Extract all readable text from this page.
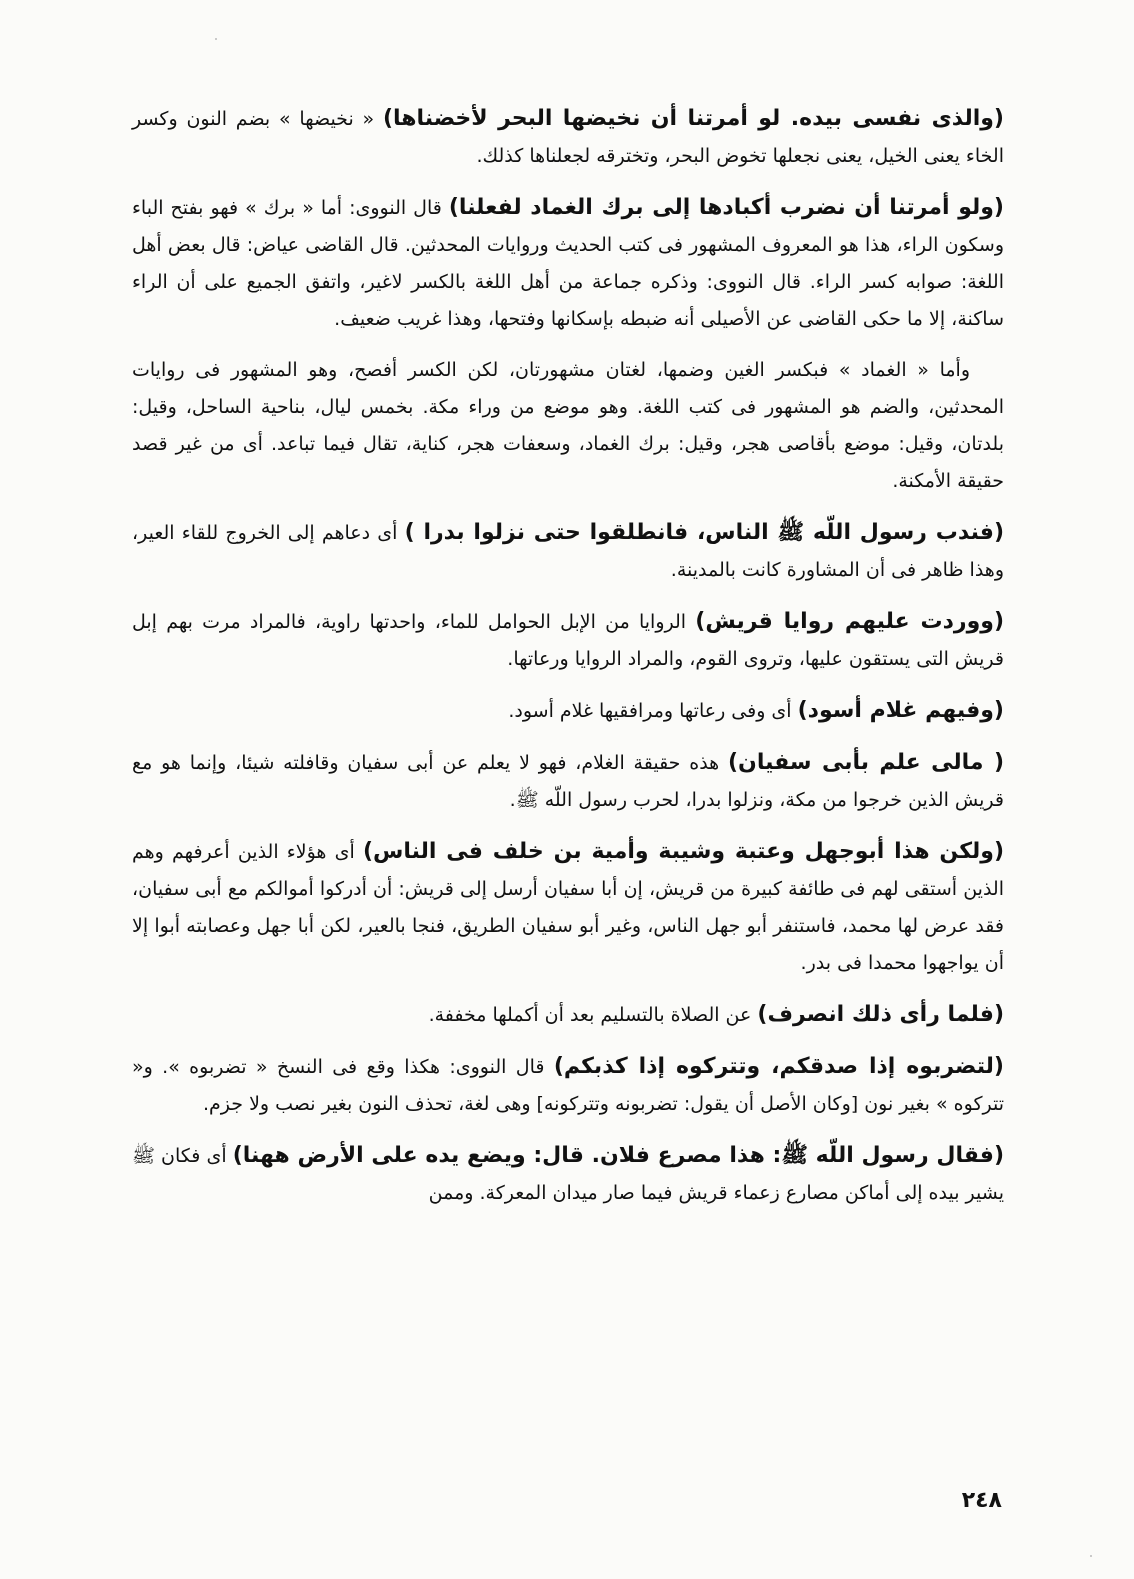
(والذى نفسى بيده. لو أمرتنا أن نخيضها البحر لأخضناها) « نخيضها » بضم النون وكسر الخاء يعنى الخيل، يعنى نجعلها تخوض البحر، وتخترقه لجعلناها كذلك.

(ولو أمرتنا أن نضرب أكبادها إلى برك الغماد لفعلنا) قال النووى: أما « برك » فهو بفتح الباء وسكون الراء، هذا هو المعروف المشهور فى كتب الحديث وروايات المحدثين. قال القاضى عياض: قال بعض أهل اللغة: صوابه كسر الراء. قال النووى: وذكره جماعة من أهل اللغة بالكسر لاغير، واتفق الجميع على أن الراء ساكنة، إلا ما حكى القاضى عن الأصيلى أنه ضبطه بإسكانها وفتحها، وهذا غريب ضعيف.

وأما « الغماد » فبكسر الغين وضمها، لغتان مشهورتان، لكن الكسر أفصح، وهو المشهور فى روايات المحدثين، والضم هو المشهور فى كتب اللغة. وهو موضع من وراء مكة. بخمس ليال، بناحية الساحل، وقيل: بلدتان، وقيل: موضع بأقاصى هجر، وقيل: برك الغماد، وسعفات هجر، كناية، تقال فيما تباعد. أى من غير قصد حقيقة الأمكنة.

(فندب رسول اللّه ﷺ الناس، فانطلقوا حتى نزلوا بدرا ) أى دعاهم إلى الخروج للقاء العير، وهذا ظاهر فى أن المشاورة كانت بالمدينة.

(ووردت عليهم روايا قريش) الروايا من الإبل الحوامل للماء، واحدتها راوية، فالمراد مرت بهم إبل قريش التى يستقون عليها، وتروى القوم، والمراد الروايا ورعاتها.

(وفيهم غلام أسود) أى وفى رعاتها ومرافقيها غلام أسود.

( مالى علم بأبى سفيان) هذه حقيقة الغلام، فهو لا يعلم عن أبى سفيان وقافلته شيئا، وإنما هو مع قريش الذين خرجوا من مكة، ونزلوا بدرا، لحرب رسول اللّه ﷺ.

(ولكن هذا أبوجهل وعتبة وشيبة وأمية بن خلف فى الناس) أى هؤلاء الذين أعرفهم وهم الذين أستقى لهم فى طائفة كبيرة من قريش، إن أبا سفيان أرسل إلى قريش: أن أدركوا أموالكم مع أبى سفيان، فقد عرض لها محمد، فاستنفر أبو جهل الناس، وغير أبو سفيان الطريق، فنجا بالعير، لكن أبا جهل وعصابته أبوا إلا أن يواجهوا محمدا فى بدر.

(فلما رأى ذلك انصرف) عن الصلاة بالتسليم بعد أن أكملها مخففة.

(لتضربوه إذا صدقكم، وتتركوه إذا كذبكم) قال النووى: هكذا وقع فى النسخ « تضربوه ». و« تتركوه » بغير نون [وكان الأصل أن يقول: تضربونه وتتركونه] وهى لغة، تحذف النون بغير نصب ولا جزم.

(فقال رسول اللّه ﷺ: هذا مصرع فلان. قال: ويضع يده على الأرض ههنا) أى فكان ﷺ يشير بيده إلى أماكن مصارع زعماء قريش فيما صار ميدان المعركة. وممن

٢٤٨
